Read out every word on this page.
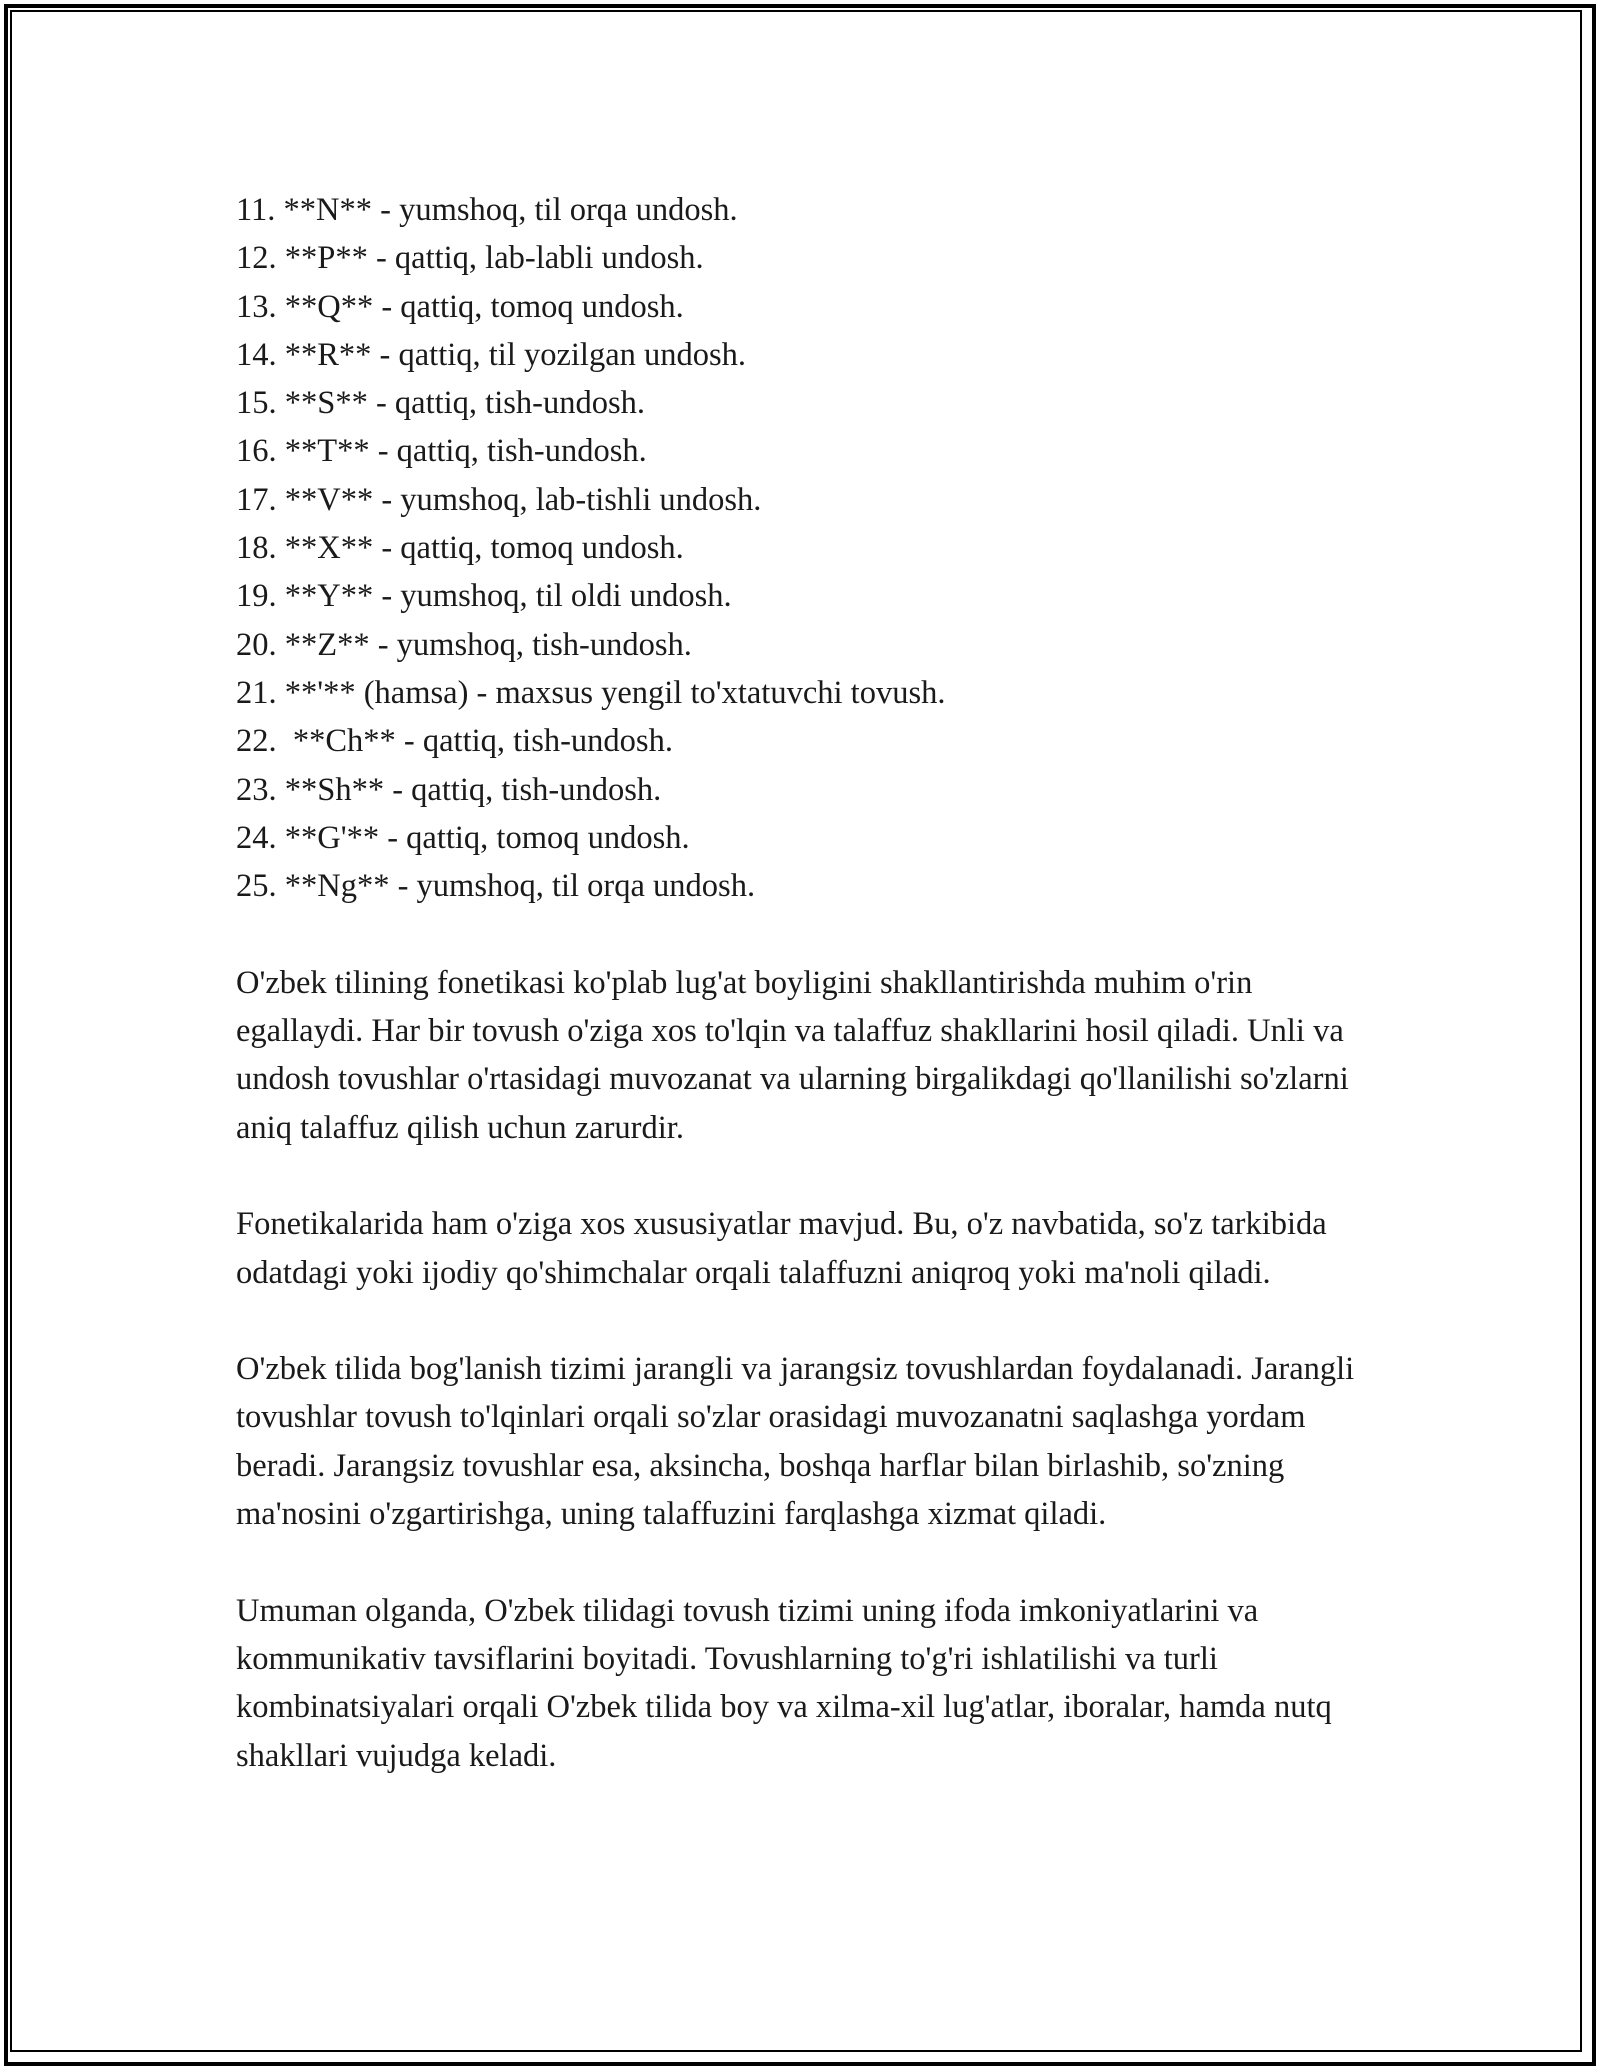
11. **N** - yumshoq, til orqa undosh.
12. **P** - qattiq, lab-labli undosh.
13. **Q** - qattiq, tomoq undosh.
14. **R** - qattiq, til yozilgan undosh.
15. **S** - qattiq, tish-undosh.
16. **T** - qattiq, tish-undosh.
17. **V** - yumshoq, lab-tishli undosh.
18. **X** - qattiq, tomoq undosh.
19. **Y** - yumshoq, til oldi undosh.
20. **Z** - yumshoq, tish-undosh.
21. **'** (hamsa) - maxsus yengil to'xtatuvchi tovush.
22.  **Ch** - qattiq, tish-undosh.
23. **Sh** - qattiq, tish-undosh.
24. **G'** - qattiq, tomoq undosh.
25. **Ng** - yumshoq, til orqa undosh.

O'zbek tilining fonetikasi ko'plab lug'at boyligini shakllantirishda muhim o'rin egallaydi. Har bir tovush o'ziga xos to'lqin va talaffuz shakllarini hosil qiladi. Unli va undosh tovushlar o'rtasidagi muvozanat va ularning birgalikdagi qo'llanilishi so'zlarni aniq talaffuz qilish uchun zarurdir.

Fonetikalarida ham o'ziga xos xususiyatlar mavjud. Bu, o'z navbatida, so'z tarkibida odatdagi yoki ijodiy qo'shimchalar orqali talaffuzni aniqroq yoki ma'noli qiladi.

O'zbek tilida bog'lanish tizimi jarangli va jarangsiz tovushlardan foydalanadi. Jarangli tovushlar tovush to'lqinlari orqali so'zlar orasidagi muvozanatni saqlashga yordam beradi. Jarangsiz tovushlar esa, aksincha, boshqa harflar bilan birlashib, so'zning ma'nosini o'zgartirishga, uning talaffuzini farqlashga xizmat qiladi.

Umuman olganda, O'zbek tilidagi tovush tizimi uning ifoda imkoniyatlarini va kommunikativ tavsiflarini boyitadi. Tovushlarning to'g'ri ishlatilishi va turli kombinatsiyalari orqali O'zbek tilida boy va xilma-xil lug'atlar, iboralar, hamda nutq shakllari vujudga keladi.
